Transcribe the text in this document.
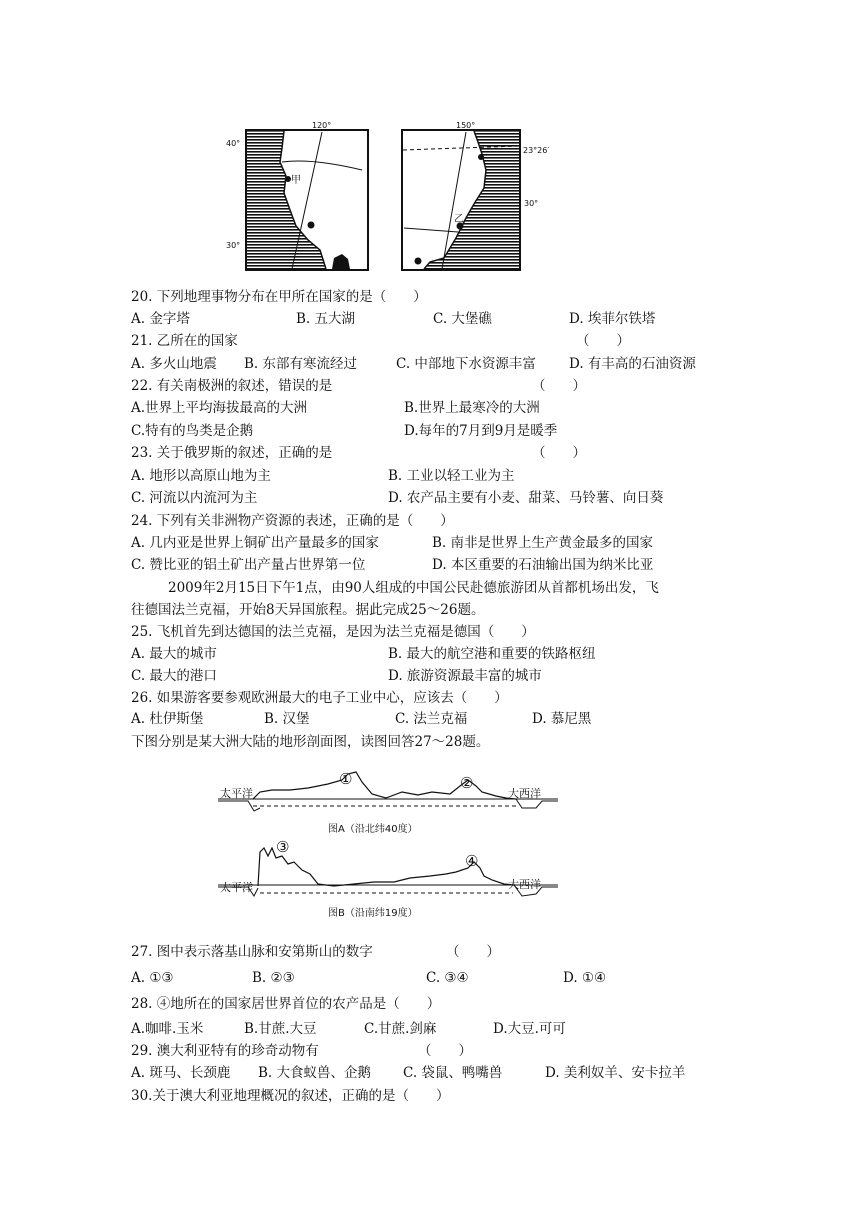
120°
40°
30°
甲
150°
23°26′
30°
乙
20. 下列地理事物分布在甲所在国家的是（　　）
A. 金字塔	B. 五大湖	C. 大堡礁	D. 埃菲尔铁塔
21. 乙所在的国家	（　　）
A. 多火山地震 B. 东部有寒流经过	C. 中部地下水资源丰富 D. 有丰高的石油资源
22. 有关南极洲的叙述，错误的是	（　　）
A.世界上平均海拔最高的大洲	B.世界上最寒冷的大洲
C.特有的鸟类是企鹅	D.每年的7月到9月是暖季
23. 关于俄罗斯的叙述，正确的是	（　　）
A. 地形以高原山地为主	B. 工业以轻工业为主
C. 河流以内流河为主	D. 农产品主要有小麦、甜菜、马铃薯、向日葵
24. 下列有关非洲物产资源的表述，正确的是（　　）
A. 几内亚是世界上铜矿出产量最多的国家	B. 南非是世界上生产黄金最多的国家
C. 赞比亚的铝土矿出产量占世界第一位	D. 本区重要的石油输出国为纳米比亚
2009年2月15日下午1点，由90人组成的中国公民赴德旅游团从首都机场出发，飞
往德国法兰克福，开始8天异国旅程。据此完成25～26题。
25. 飞机首先到达德国的法兰克福，是因为法兰克福是德国（　　）
A. 最大的城市	B. 最大的航空港和重要的铁路枢纽
C. 最大的港口	D. 旅游资源最丰富的城市
26. 如果游客要参观欧洲最大的电子工业中心，应该去（　　）
A. 杜伊斯堡	B. 汉堡	C. 法兰克福	D. 慕尼黑
下图分别是某大洲大陆的地形剖面图，读图回答27～28题。
太平洋	大西洋
①	②
图A（沿北纬40度）
太平洋	大西洋
③
④
图B（沿南纬19度）
27. 图中表示落基山脉和安第斯山的数字	（　　）
A. ①③	B. ②③	C. ③④	D. ①④
28. ④地所在的国家居世界首位的农产品是（　　）
A.咖啡.玉米	B.甘蔗.大豆	C.甘蔗.剑麻	D.大豆.可可
29. 澳大利亚特有的珍奇动物有	（　　）
A. 斑马、长颈鹿 B. 大食蚁兽、企鹅 C. 袋鼠、鸭嘴兽	D. 美利奴羊、安卡拉羊
30.关于澳大利亚地理概况的叙述，正确的是（　　）
